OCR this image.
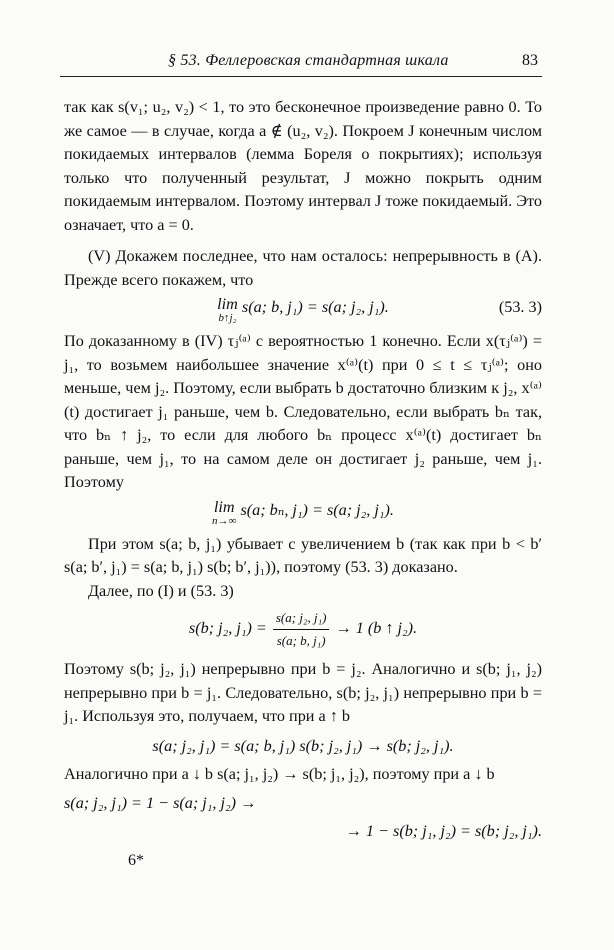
§ 53. Феллеровская стандартная шкала	83

так как s(v₁; u₂, v₂) < 1, то это бесконечное произведение равно 0. То же самое — в случае, когда a ∉ (u₂, v₂). Покроем J конечным числом покидаемых интервалов (лемма Бореля о покрытиях); используя только что полученный результат, J можно покрыть одним покидаемым интервалом. Поэтому интервал J тоже покидаемый. Это означает, что a = 0.

(V) Докажем последнее, что нам осталось: непрерывность в (A). Прежде всего покажем, что

lim
b↑j₂
s(a; b, j₁) = s(a; j₂, j₁).	(53. 3)

По доказанному в (IV) τⱼ⁽ᵃ⁾ с вероятностью 1 конечно. Если x(τⱼ⁽ᵃ⁾) = j₁, то возьмем наибольшее значение x⁽ᵃ⁾(t) при 0 ≤ t ≤ τⱼ⁽ᵃ⁾; оно меньше, чем j₂. Поэтому, если выбрать b достаточно близким к j₂, x⁽ᵃ⁾(t) достигает j₁ раньше, чем b. Следовательно, если выбрать bₙ так, что bₙ ↑ j₂, то если для любого bₙ процесс x⁽ᵃ⁾(t) достигает bₙ раньше, чем j₁, то на самом деле он достигает j₂ раньше, чем j₁. Поэтому

lim
n→∞
s(a; bₙ, j₁) = s(a; j₂, j₁).

При этом s(a; b, j₁) убывает с увеличением b (так как при b < b′ s(a; b′, j₁) = s(a; b, j₁) s(b; b′, j₁)), поэтому (53. 3) доказано.

Далее, по (I) и (53. 3)

s(b; j₂, $j_1) = \frac{\text{s(a; j₂, j₁)}}{\text{s(a; b, j₁)}} \to 1$ (b ↑ j₂).

Поэтому s(b; j₂, j₁) непрерывно при b = j₂. Аналогично и s(b; j₁, j₂) непрерывно при b = j₁. Следовательно, s(b; j₂, j₁) непрерывно при b = j₁. Используя это, получаем, что при a ↑ b

s(a; j₂, j₁) = s(a; b, j₁) s(b; j₂, j₁) → s(b; j₂, j₁).

Аналогично при a ↓ b s(a; j₁, j₂) → s(b; j₁, j₂), поэтому при a ↓ b

s(a; j₂, j₁) = 1 − s(a; j₁, j₂) →

→ 1 − s(b; j₁, j₂) = s(b; j₂, j₁).

6*
